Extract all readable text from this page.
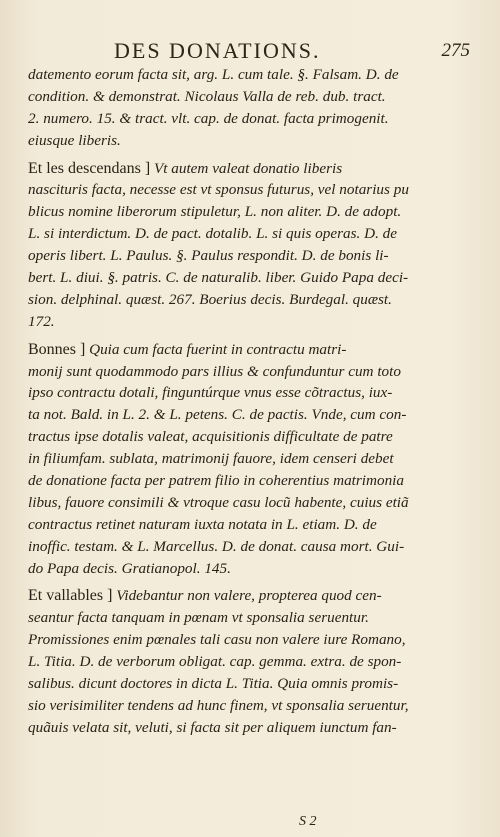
DES DONATIONS.	275
datemento eorum facta sit, arg. L. cum tale. §. Falsam. D. de
condition. & demonstrat. Nicolaus Valla de reb. dub. tract.
2. numero. 15. & tract. vlt. cap. de donat. facta primogenit.
eiusque liberis.
Et les descendans ] Vt autem valeat donatio liberis
nascituris facta, necesse est vt sponsus futurus, vel notarius pu
blicus nomine liberorum stipuletur, L. non aliter. D. de adopt.
L. si interdictum. D. de pact. dotalib. L. si quis operas. D. de
operis libert. L. Paulus. §. Paulus respondit. D. de bonis li-
bert. L. diui. §. patris. C. de naturalib. liber. Guido Papa deci-
sion. delphinal. quæst. 267. Boerius decis. Burdegal. quæst.
172.
Bonnes ] Quia cum facta fuerint in contractu matri-
monij sunt quodammodo pars illius & confunduntur cum toto
ipso contractu dotali, finguntúrque vnus esse cõtractus, iux-
ta not. Bald. in L. 2. & L. petens. C. de pactis. Vnde, cum con-
tractus ipse dotalis valeat, acquisitionis difficultate de patre
in filiumfam. sublata, matrimonij fauore, idem censeri debet
de donatione facta per patrem filio in coherentius matrimonia
libus, fauore consimili & vtroque casu locũ habente, cuius etiã
contractus retinet naturam iuxta notata in L. etiam. D. de
inoffic. testam. & L. Marcellus. D. de donat. causa mort. Gui-
do Papa decis. Gratianopol. 145.
Et vallables ] Videbantur non valere, propterea quod cen-
seantur facta tanquam in pœnam vt sponsalia seruentur.
Promissiones enim pœnales tali casu non valere iure Romano,
L. Titia. D. de verborum obligat. cap. gemma. extra. de spon-
salibus. dicunt doctores in dicta L. Titia. Quia omnis promis-
sio verisimiliter tendens ad hunc finem, vt sponsalia seruentur,
quãuis velata sit, veluti, si facta sit per aliquem iunctum fan-
S 2
